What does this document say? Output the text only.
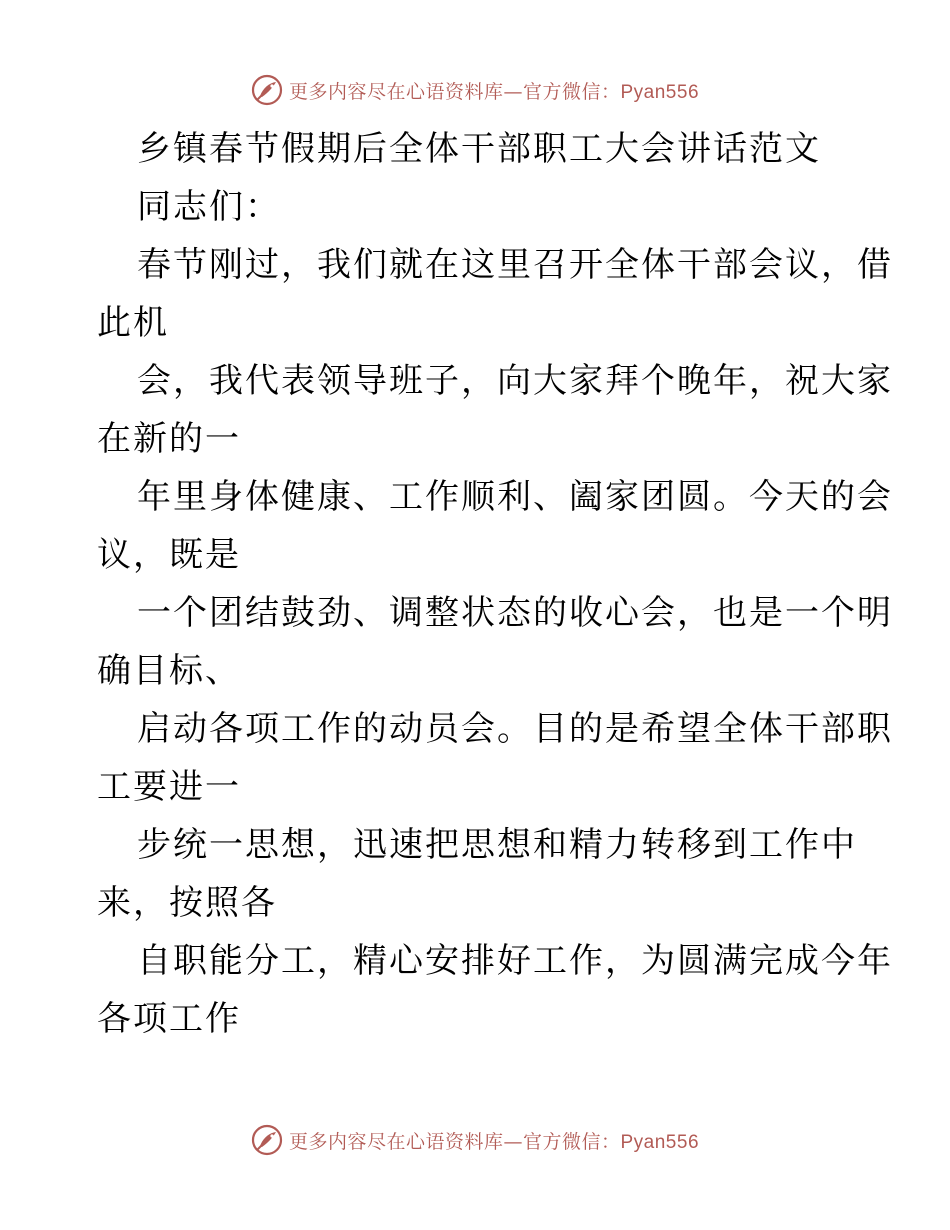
更多内容尽在心语资料库—官方微信：Pyan556
乡镇春节假期后全体干部职工大会讲话范文
同志们：
春节刚过，我们就在这里召开全体干部会议，借
此机
会，我代表领导班子，向大家拜个晚年，祝大家
在新的一
年里身体健康、工作顺利、阖家团圆。今天的会
议，既是
一个团结鼓劲、调整状态的收心会，也是一个明
确目标、
启动各项工作的动员会。目的是希望全体干部职
工要进一
步统一思想，迅速把思想和精力转移到工作中
来，按照各
自职能分工，精心安排好工作，为圆满完成今年
各项工作
更多内容尽在心语资料库—官方微信：Pyan556
